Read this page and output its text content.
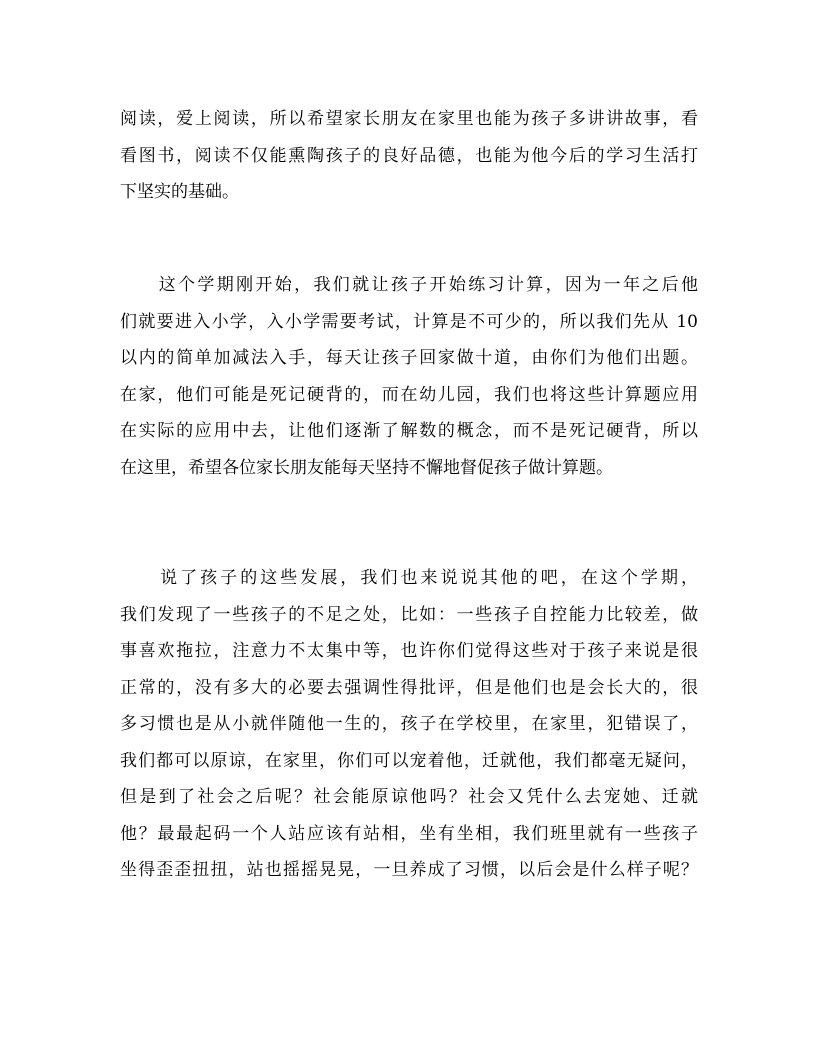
阅读，爱上阅读，所以希望家长朋友在家里也能为孩子多讲讲故事，看
看图书，阅读不仅能熏陶孩子的良好品德，也能为他今后的学习生活打
下坚实的基础。
　　这个学期刚开始，我们就让孩子开始练习计算，因为一年之后他
们就要进入小学，入小学需要考试，计算是不可少的，所以我们先从 10
以内的简单加减法入手，每天让孩子回家做十道，由你们为他们出题。
在家，他们可能是死记硬背的，而在幼儿园，我们也将这些计算题应用
在实际的应用中去，让他们逐渐了解数的概念，而不是死记硬背，所以
在这里，希望各位家长朋友能每天坚持不懈地督促孩子做计算题。
　　说了孩子的这些发展，我们也来说说其他的吧，在这个学期，
我们发现了一些孩子的不足之处，比如：一些孩子自控能力比较差，做
事喜欢拖拉，注意力不太集中等，也许你们觉得这些对于孩子来说是很
正常的，没有多大的必要去强调性得批评，但是他们也是会长大的，很
多习惯也是从小就伴随他一生的，孩子在学校里，在家里，犯错误了，
我们都可以原谅，在家里，你们可以宠着他，迁就他，我们都毫无疑问，
但是到了社会之后呢？社会能原谅他吗？社会又凭什么去宠她、迁就
他？最最起码一个人站应该有站相，坐有坐相，我们班里就有一些孩子
坐得歪歪扭扭，站也摇摇晃晃，一旦养成了习惯，以后会是什么样子呢？
